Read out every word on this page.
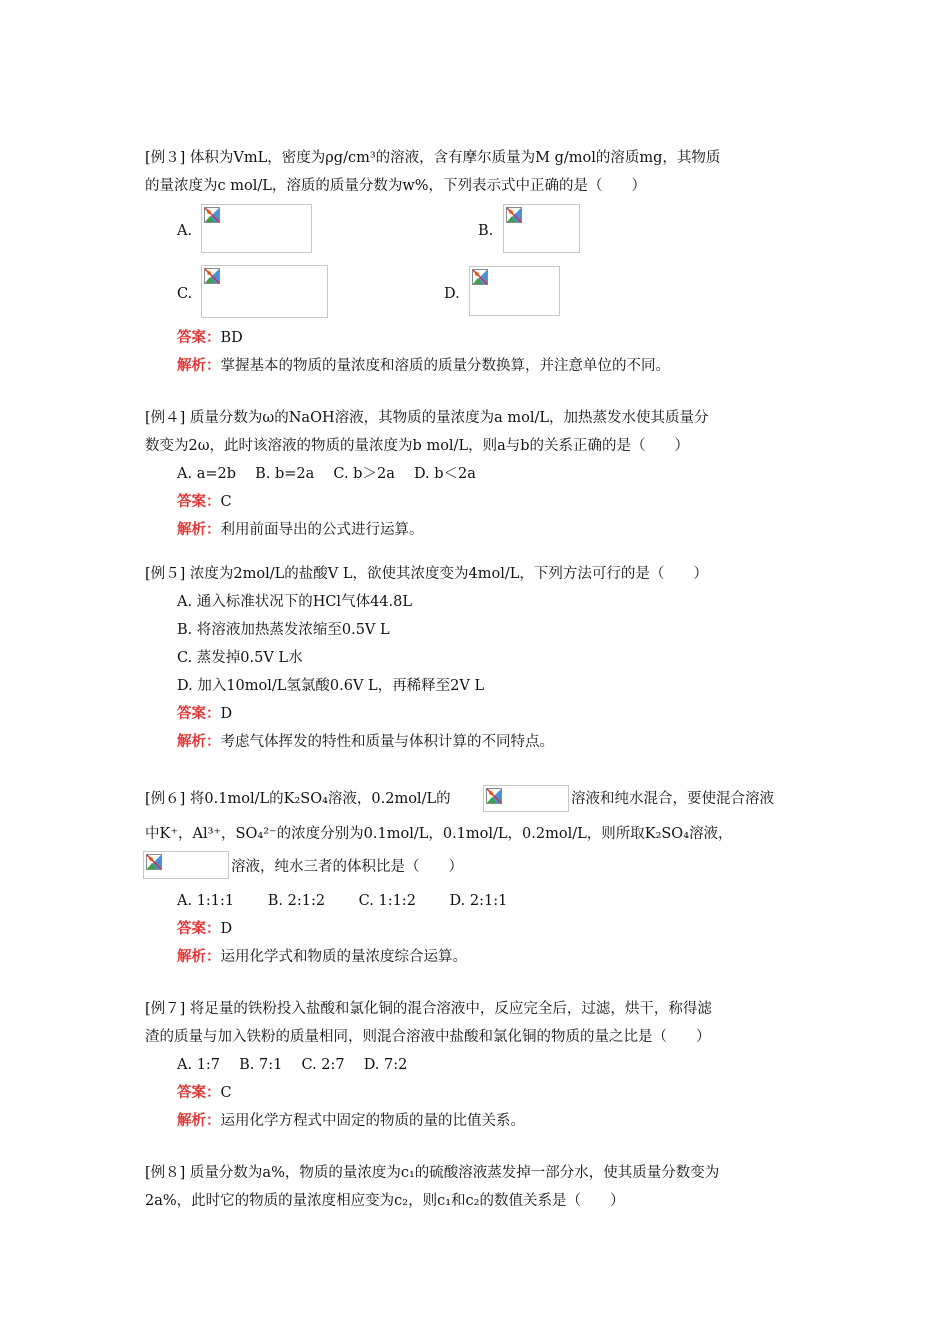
[例３] 体积为VmL，密度为ρg/cm³的溶液，含有摩尔质量为M g/mol的溶质mg，其物质
的量浓度为c mol/L，溶质的质量分数为w%，下列表示式中正确的是（　　）
A.	B.
C.	D.
答案：BD
解析：掌握基本的物质的量浓度和溶质的质量分数换算，并注意单位的不同。
[例４] 质量分数为ω的NaOH溶液，其物质的量浓度为a mol/L，加热蒸发水使其质量分
数变为2ω，此时该溶液的物质的量浓度为b mol/L，则a与b的关系正确的是（　　）
A. a=2b　 B. b=2a　 C. b＞2a　 D. b＜2a
答案：C
解析：利用前面导出的公式进行运算。
[例５] 浓度为2mol/L的盐酸V L，欲使其浓度变为4mol/L，下列方法可行的是（　　）
A. 通入标准状况下的HCl气体44.8L
B. 将溶液加热蒸发浓缩至0.5V L
C. 蒸发掉0.5V L水
D. 加入10mol/L氢氯酸0.6V L，再稀释至2V L
答案：D
解析：考虑气体挥发的特性和质量与体积计算的不同特点。
[例６] 将0.1mol/L的K₂SO₄溶液，0.2mol/L的	溶液和纯水混合，要使混合溶液
中K⁺，Al³⁺，SO₄²⁻的浓度分别为0.1mol/L，0.1mol/L，0.2mol/L，则所取K₂SO₄溶液，
溶液，纯水三者的体积比是（　　）
A. 1:1:1　　 B. 2:1:2　　 C. 1:1:2　　 D. 2:1:1
答案：D
解析：运用化学式和物质的量浓度综合运算。
[例７] 将足量的铁粉投入盐酸和氯化铜的混合溶液中，反应完全后，过滤，烘干，称得滤
渣的质量与加入铁粉的质量相同，则混合溶液中盐酸和氯化铜的物质的量之比是（　　）
A. 1:7　 B. 7:1　 C. 2:7　 D. 7:2
答案：C
解析：运用化学方程式中固定的物质的量的比值关系。
[例８] 质量分数为a%，物质的量浓度为c₁的硫酸溶液蒸发掉一部分水，使其质量分数变为
2a%，此时它的物质的量浓度相应变为c₂，则c₁和c₂的数值关系是（　　）
